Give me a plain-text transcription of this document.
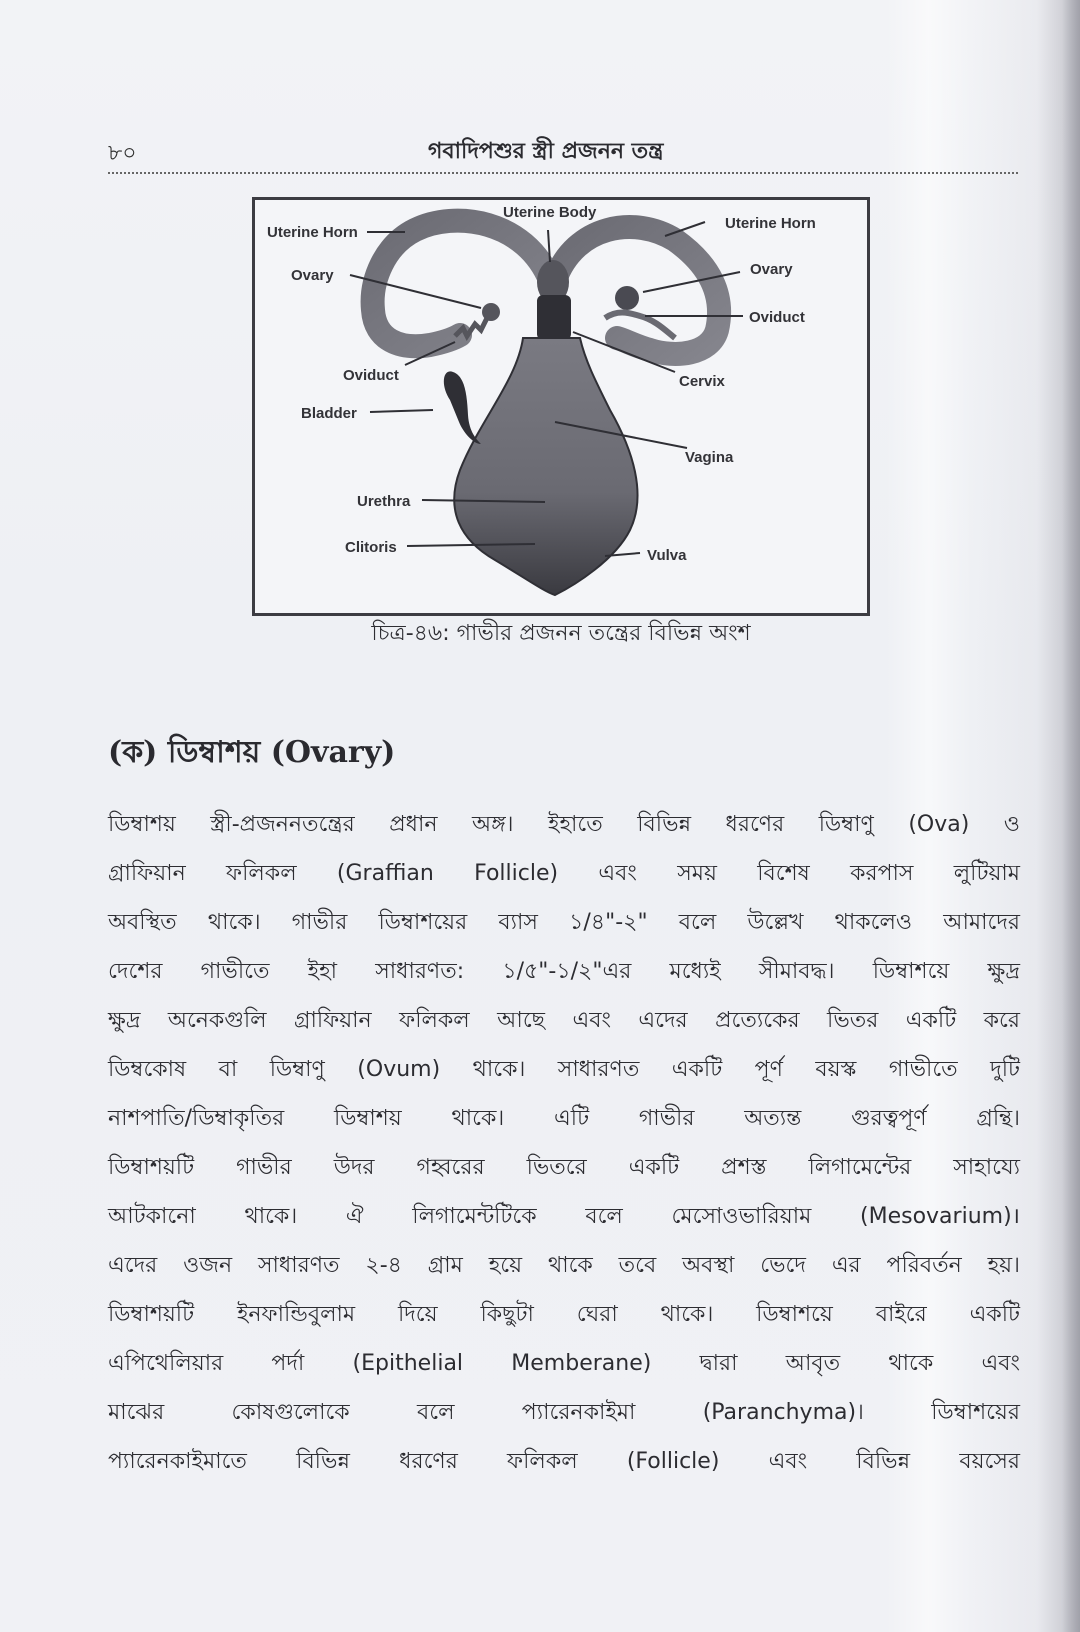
৮০	গবাদিপশুর স্ত্রী প্রজনন তন্ত্র
Uterine Horn
Uterine Body
Uterine Horn
Ovary	Ovary
Oviduct
Oviduct
Cervix
Bladder
Vagina
Urethra
Clitoris	Vulva
চিত্র-৪৬: গাভীর প্রজনন তন্ত্রের বিভিন্ন অংশ
(ক) ডিম্বাশয় (Ovary)
ডিম্বাশয় স্ত্রী-প্রজননতন্ত্রের প্রধান অঙ্গ। ইহাতে বিভিন্ন ধরণের ডিম্বাণু (Ova) ও
গ্রাফিয়ান ফলিকল (Graffian Follicle) এবং সময় বিশেষ করপাস লুটিয়াম
অবস্থিত থাকে। গাভীর ডিম্বাশয়ের ব্যাস ১/৪"-২" বলে উল্লেখ থাকলেও আমাদের
দেশের গাভীতে ইহা সাধারণত: ১/৫"-১/২"এর মধ্যেই সীমাবদ্ধ। ডিম্বাশয়ে ক্ষুদ্র
ক্ষুদ্র অনেকগুলি গ্রাফিয়ান ফলিকল আছে এবং এদের প্রত্যেকের ভিতর একটি করে
ডিম্বকোষ বা ডিম্বাণু (Ovum) থাকে। সাধারণত একটি পূর্ণ বয়স্ক গাভীতে দুটি
নাশপাতি/ডিম্বাকৃতির ডিম্বাশয় থাকে। এটি গাভীর অত্যন্ত গুরত্বপূর্ণ গ্রন্থি।
ডিম্বাশয়টি গাভীর উদর গহ্বরের ভিতরে একটি প্রশস্ত লিগামেন্টের সাহায্যে
আটকানো থাকে। ঐ লিগামেন্টটিকে বলে মেসোওভারিয়াম (Mesovarium)।
এদের ওজন সাধারণত ২-৪ গ্রাম হয়ে থাকে তবে অবস্থা ভেদে এর পরিবর্তন হয়।
ডিম্বাশয়টি ইনফান্ডিবুলাম দিয়ে কিছুটা ঘেরা থাকে। ডিম্বাশয়ে বাইরে একটি
এপিথেলিয়ার পর্দা (Epithelial Memberane) দ্বারা আবৃত থাকে এবং
মাঝের কোষগুলোকে বলে প্যারেনকাইমা (Paranchyma)। ডিম্বাশয়ের
প্যারেনকাইমাতে বিভিন্ন ধরণের ফলিকল (Follicle) এবং বিভিন্ন বয়সের
